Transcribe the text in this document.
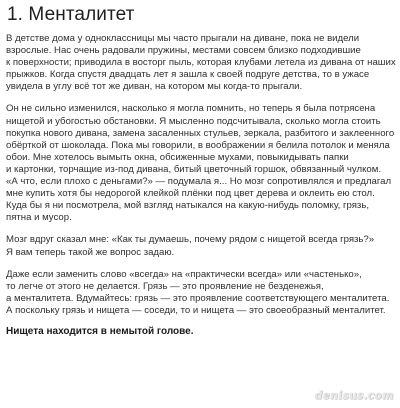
1. Менталитет
В детстве дома у одноклассницы мы часто прыгали на диване, пока не видели
взрослые. Нас очень радовали пружины, местами совсем близко подходившие
к поверхности; приводила в восторг пыль, которая клубами летела из дивана от наших
прыжков. Когда спустя двадцать лет я зашла к своей подруге детства, то в ужасе
увидела в углу всё тот же диван, на котором мы когда-то прыгали.
Он не сильно изменился, насколько я могла помнить, но теперь я была потрясена
нищетой и убогостью обстановки. Я мысленно подсчитывала, сколько могла стоить
покупка нового дивана, замена засаленных стульев, зеркала, разбитого и заклеенного
обёрткой от шоколада. Пока мы говорили, в воображении я белила потолок и меняла
обои. Мне хотелось вымыть окна, обсиженные мухами, повыкидывать папки
и картонки, торчащие из-под дивана, битый цветочный горшок, обвязанный чулком.
«А что, если плохо с деньгами?» — подумала я... Но мозг сопротивлялся и предлагал
мне купить хотя бы недорогой клейкой плёнки под цвет дерева и оклеить ею стол.
Куда бы я ни посмотрела, мой взгляд натыкался на какую-нибудь поломку, грязь,
пятна и мусор.
Мозг вдруг сказал мне: «Как ты думаешь, почему рядом с нищетой всегда грязь?»
Я вам теперь такой же вопрос задаю.
Даже если заменить слово «всегда» на «практически всегда» или «частенько»,
то легче от этого не делается. Грязь — это проявление не безденежья,
а менталитета. Вдумайтесь: грязь — это проявление соответствующего менталитета.
А поскольку грязь и нищета — соседи, то и нищета — это своеобразный менталитет.
Нищета находится в немытой голове.
denisus.com
